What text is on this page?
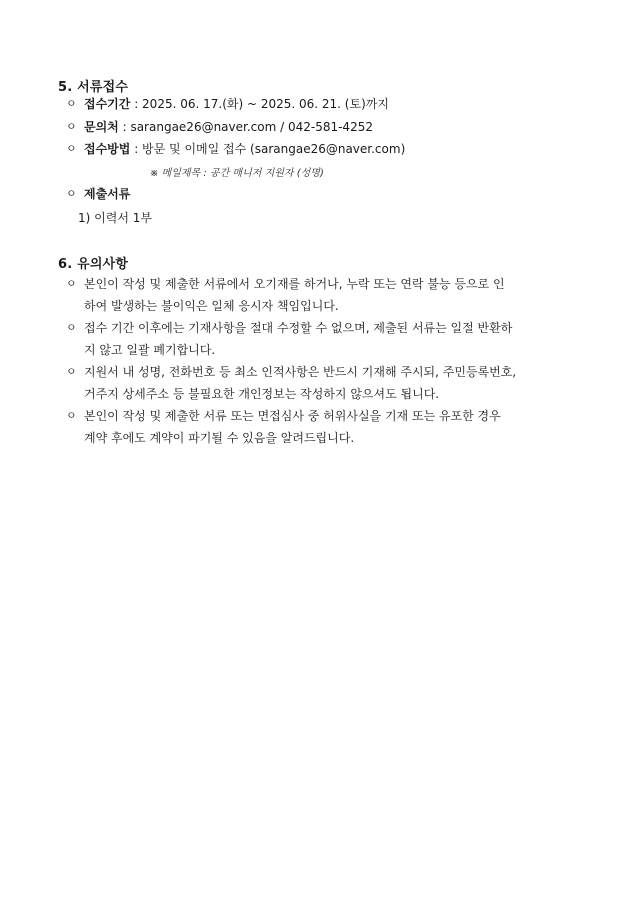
5. 서류접수
ㅇ 접수기간 : 2025. 06. 17.(화) ~ 2025. 06. 21. (토)까지
ㅇ 문의처 : sarangae26@naver.com / 042-581-4252
ㅇ 접수방법 : 방문 및 이메일 접수 (sarangae26@naver.com)
※ 메일제목 : 공간 매니저 지원자 (성명)
ㅇ 제출서류
1) 이력서 1부
6. 유의사항
ㅇ 본인이 작성 및 제출한 서류에서 오기재를 하거나, 누락 또는 연락 불능 등으로 인
하여 발생하는 불이익은 일체 응시자 책임입니다.
ㅇ 접수 기간 이후에는 기재사항을 절대 수정할 수 없으며, 제출된 서류는 일절 반환하
지 않고 일괄 폐기합니다.
ㅇ 지원서 내 성명, 전화번호 등 최소 인적사항은 반드시 기재해 주시되, 주민등록번호,
거주지 상세주소 등 불필요한 개인정보는 작성하지 않으셔도 됩니다.
ㅇ 본인이 작성 및 제출한 서류 또는 면접심사 중 허위사실을 기재 또는 유포한 경우
계약 후에도 계약이 파기될 수 있음을 알려드립니다.
